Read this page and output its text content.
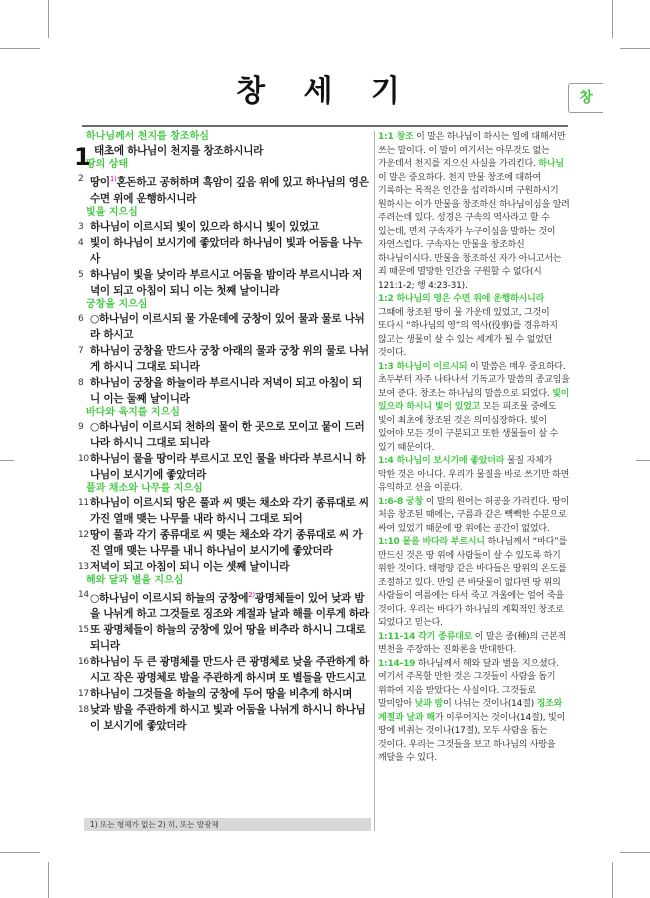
창 세 기	창
하나님께서 천지를 창조하심
1 태초에 하나님이 천지를 창조하시니라
땅의 상태
2 땅이$^{1)}$혼돈하고 공허하며 흑암이 깊음 위에 있고 하나님의 영은 수면 위에 운행하시니라
빛을 지으심
3 하나님이 이르시되 빛이 있으라 하시니 빛이 있었고
4 빛이 하나님이 보시기에 좋았더라 하나님이 빛과 어둠을 나누사
5 하나님이 빛을 낮이라 부르시고 어둠을 밤이라 부르시니라 저녁이 되고 아침이 되니 이는 첫째 날이니라
궁창을 지으심
6 ○하나님이 이르시되 물 가운데에 궁창이 있어 물과 물로 나뉘라 하시고
7 하나님이 궁창을 만드사 궁창 아래의 물과 궁창 위의 물로 나뉘게 하시니 그대로 되니라
8 하나님이 궁창을 하늘이라 부르시니라 저녁이 되고 아침이 되니 이는 둘째 날이니라
바다와 육지를 지으심
9 ○하나님이 이르시되 천하의 물이 한 곳으로 모이고 뭍이 드러나라 하시니 그대로 되니라
10 하나님이 뭍을 땅이라 부르시고 모인 물을 바다라 부르시니 하나님이 보시기에 좋았더라
풀과 채소와 나무를 지으심
11 하나님이 이르시되 땅은 풀과 씨 맺는 채소와 각기 종류대로 씨 가진 열매 맺는 나무를 내라 하시니 그대로 되어
12 땅이 풀과 각기 종류대로 씨 맺는 채소와 각기 종류대로 씨 가진 열매 맺는 나무를 내니 하나님이 보시기에 좋았더라
13 저녁이 되고 아침이 되니 이는 셋째 날이니라
해와 달과 별을 지으심
14 ○하나님이 이르시되 하늘의 궁창에$^{2)}$광명체들이 있어 낮과 밤을 나뉘게 하고 그것들로 징조와 계절과 날과 해를 이루게 하라
15 또 광명체들이 하늘의 궁창에 있어 땅을 비추라 하시니 그대로 되니라
16 하나님이 두 큰 광명체를 만드사 큰 광명체로 낮을 주관하게 하시고 작은 광명체로 밤을 주관하게 하시며 또 별들을 만드시고
17 하나님이 그것들을 하늘의 궁창에 두어 땅을 비추게 하시며
18 낮과 밤을 주관하게 하시고 빛과 어둠을 나뉘게 하시니 하나님이 보시기에 좋았더라
1) 또는 형체가 없는 2) 히, 또는 발광체
1:1 창조 이 말은 하나님이 하시는 일에 대해서만 쓰는 말이다. 이 말이 여기서는 아무것도 없는 가운데서 천지를 지으신 사실을 가리킨다. 하나님 이 말은 중요하다. 천지 만물 창조에 대하여 기록하는 목적은 인간을 섭리하시며 구원하시기 원하시는 이가 만물을 창조하신 하나님이심을 알려 주려는데 있다. 성경은 구속의 역사라고 할 수 있는데, 먼저 구속자가 누구이심을 말하는 것이 자연스럽다. 구속자는 만물을 창조하신 하나님이시다. 만물을 창조하신 자가 아니고서는 죄 때문에 멸망한 인간을 구원할 수 없다(시 121:1-2; 행 4:23-31).
1:2 하나님의 영은 수면 위에 운행하시니라 그때에 창조된 땅이 물 가운데 있었고, 그것이 또다시 “하나님의 영”의 역사(役事)를 경유하지 않고는 생물이 살 수 있는 세계가 될 수 없었던 것이다.
1:3 하나님이 이르시되 이 말씀은 매우 중요하다. 초두부터 자주 나타나서 기독교가 말씀의 종교임을 보여 준다. 창조는 하나님의 말씀으로 되었다. 빛이 있으라 하시니 빛이 있었고 모든 피조물 중에도 빛이 최초에 창조된 것은 의미심장하다. 빛이 있어야 모든 것이 구분되고 또한 생물들이 살 수 있기 때문이다.
1:4 하나님이 보시기에 좋았더라 물질 자체가 악한 것은 아니다. 우리가 물질을 바로 쓰기만 하면 유익하고 선을 이룬다.
1:6-8 궁창 이 말의 원어는 허공을 가리킨다. 땅이 처음 창조된 때에는, 구름과 같은 빽빽한 수분으로 싸여 있었기 때문에 땅 위에는 공간이 없었다.
1:10 뭍을 바다라 부르시니 하나님께서 “바다”를 만드신 것은 땅 위에 사람들이 살 수 있도록 하기 위한 것이다. 태평양 같은 바다들은 땅위의 온도를 조절하고 있다. 만일 큰 바닷물이 없다면 땅 위의 사람들이 여름에는 타서 죽고 겨울에는 얼어 죽을 것이다. 우리는 바다가 하나님의 계획적인 창조로 되었다고 믿는다.
1:11-14 각기 종류대로 이 말은 종(種)의 근본적 변천을 주장하는 진화론을 반대한다.
1:14-19 하나님께서 해와 달과 별을 지으셨다. 여기서 주목할 만한 것은 그것들이 사람을 돕기 위하여 지음 받았다는 사실이다. 그것들로 말미암아 낮과 밤이 나뉘는 것이나(14절) 징조와 계절과 날과 해가 이루어지는 것이나(14절), 빛이 땅에 비취는 것이나(17절), 모두 사람을 돕는 것이다. 우리는 그것들을 보고 하나님의 사랑을 깨달을 수 있다.
